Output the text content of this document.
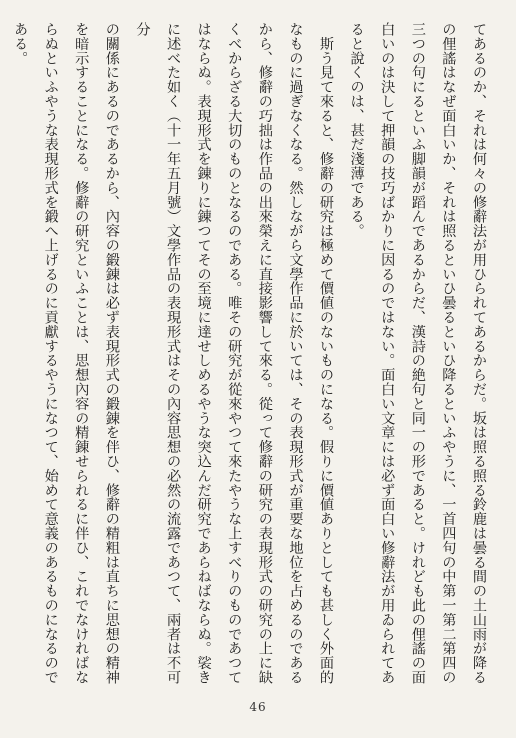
てあるのか、それは何々の修辭法が用ひられてあるからだ。坂は照る照る鈴鹿は曇る間の土山雨が降る

の俚謠はなぜ面白いか、それは照るといひ曇るといひ降るといふやうに、一首四句の中第一第二第四の

三つの句にるといふ脚韻が蹈んであるからだ、漢詩の絶句と同一の形であると。けれども此の俚謠の面

白いのは決して押韻の技巧ばかりに因るのではない。面白い文章には必ず面白い修辭法が用ゐられてあ

ると說くのは、甚だ淺薄である。

　斯う見て來ると、修辭の研究は極めて價値のないものになる。假りに價値ありとしても甚しく外面的

なものに過ぎなくなる。然しながら文學作品に於いては、その表現形式が重要な地位を占めるのである

から、修辭の巧拙は作品の出來榮えに直接影響して來る。從って修辭の研究の表現形式の研究の上に缺

くべからざる大切のものとなるのである。唯その研究が從來やつて來たやうな上すべりのものであつて

はならぬ。表現形式を錬りに錬つてその至境に達せしめるやうな突込んだ研究であらねばならぬ。裟き

に述べた如く（十一年五月號）文學作品の表現形式はその內容思想の必然の流露であつて、兩者は不可分

の關係にあるのであるから、內容の鍛錬は必ず表現形式の鍛錬を伴ひ、修辭の精粗は直ちに思想の精神

を暗示することになる。修辭の研究といふことは、思想內容の精錬せられるに伴ひ、これでなければな

らぬといふやうな表現形式を鍛へ上げるのに貢獻するやうになつて、始めて意義のあるものになるので

ある。

46
